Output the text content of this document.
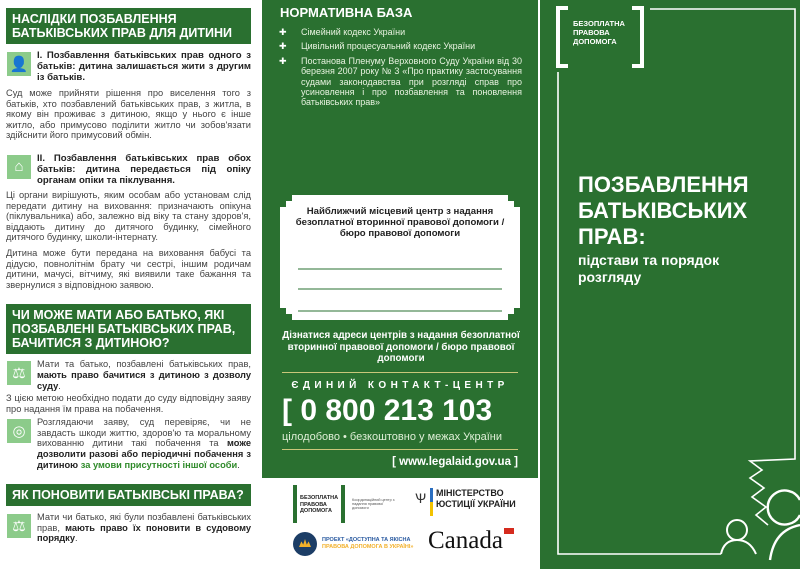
НАСЛІДКИ ПОЗБАВЛЕННЯ БАТЬКІВСЬКИХ ПРАВ ДЛЯ ДИТИНИ
👤
I. Позбавлення батьківських прав одного з батьків: дитина залишається жити з другим із батьків.
Суд може прийняти рішення про виселення того з батьків, хто позбавлений батьківських прав, з житла, в якому він проживає з дитиною, якщо у нього є інше житло, або примусово поділити житло чи зобов'язати здійснити його примусовий обмін.
⌂	II. Позбавлення батьківських прав обох батьків: дитина передається під опіку органам опіки та піклування.
Ці органи вирішують, яким особам або установам слід передати дитину на виховання: призначають опікуна (піклувальника) або, залежно від віку та стану здоров'я, віддають дитину до дитячого будинку, сімейного дитячого будинку, школи-інтернату.
Дитина може бути передана на виховання бабусі та дідусю, повнолітнім брату чи сестрі, іншим родичам дитини, мачусі, вітчиму, які виявили таке бажання та звернулися з відповідною заявою.
ЧИ МОЖЕ МАТИ АБО БАТЬКО, ЯКІ ПОЗБАВЛЕНІ БАТЬКІВСЬКИХ ПРАВ, БАЧИТИСЯ З ДИТИНОЮ?
⚖
Мати та батько, позбавлені батьківських прав, мають право бачитися з дитиною з дозволу суду.
З цією метою необхідно подати до суду відповідну заяву про надання їм права на побачення.
◎
Розглядаючи заяву, суд перевіряє, чи не завдасть шкоди життю, здоров'ю та моральному вихованню дитини такі побачення та може дозволити разові або періодичні побачення з дитиною за умови присутності іншої особи.
ЯК ПОНОВИТИ БАТЬКІВСЬКІ ПРАВА?
⚖
Мати чи батько, які були позбавлені батьківських прав, мають право їх поновити в судовому порядку.
НОРМАТИВНА БАЗА
✚ Сімейний кодекс України
✚ Цивільний процесуальний кодекс України
✚ Постанова Пленуму Верховного Суду України від 30 березня 2007 року № 3 «Про практику застосування судами законодавства при розгляді справ про усиновлення і про позбавлення та поновлення батьківських прав»
Найближчий місцевий центр з надання безоплатної вторинної правової допомоги / бюро правової допомоги
Дізнатися адреси центрів з надання безоплатної вторинної правової допомоги / бюро правової допомоги
ЄДИНИЙ КОНТАКТ-ЦЕНТР
[ 0 800 213 103
цілодобово • безкоштовно у межах України
[ www.legalaid.gov.ua ]
БЕЗОПЛАТНА ПРАВОВА ДОПОМОГА
Координаційний центр з надання правової допомоги
Ѱ МІНІСТЕРСТВО ЮСТИЦІЇ УКРАЇНИ
ПРОЕКТ «ДОСТУПНА ТА ЯКІСНА
ПРАВОВА ДОПОМОГА В УКРАЇНІ» Canada
БЕЗОПЛАТНА ПРАВОВА ДОПОМОГА
ПОЗБАВЛЕННЯ БАТЬКІВСЬКИХ ПРАВ:
підстави та порядок розгляду
